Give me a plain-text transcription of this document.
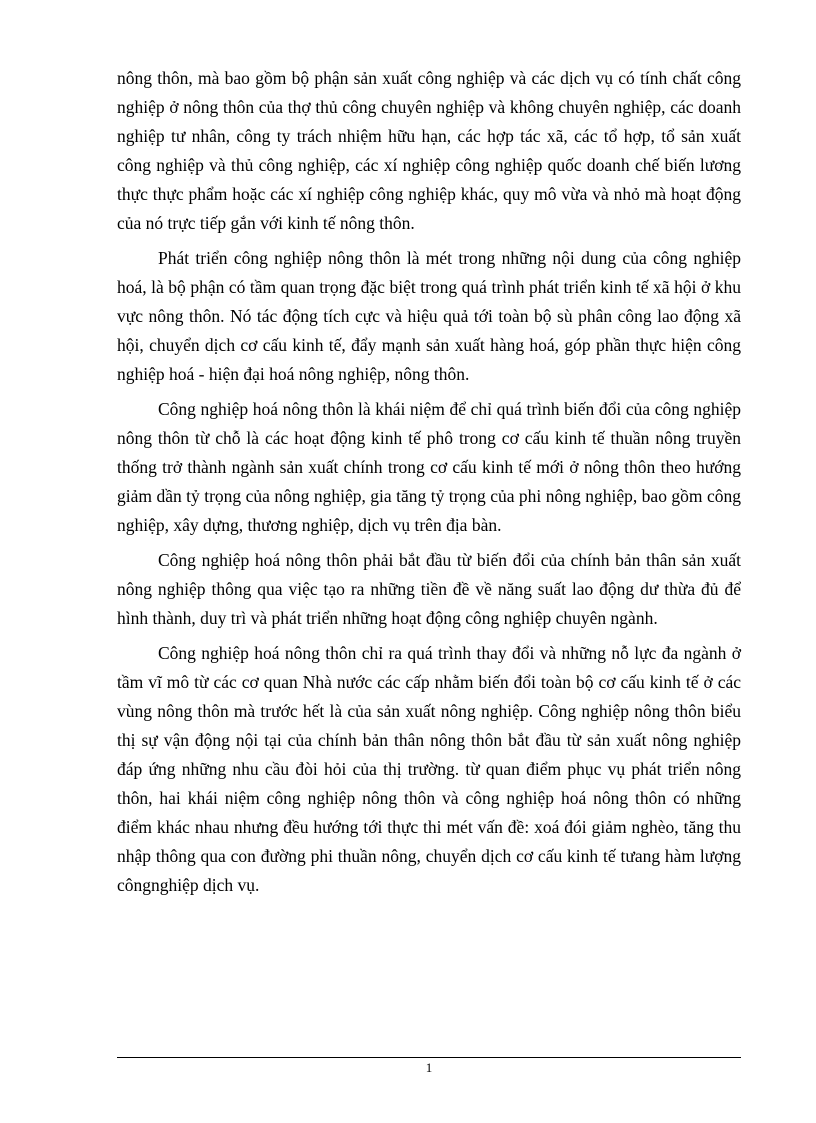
nông thôn, mà bao gồm bộ phận sản xuất công nghiệp và các dịch vụ có tính chất công nghiệp ở nông thôn của thợ thủ công chuyên nghiệp và không chuyên nghiệp, các doanh nghiệp tư nhân, công ty trách nhiệm hữu hạn, các hợp tác xã, các tổ hợp, tổ sản xuất công nghiệp và thủ công nghiệp, các xí nghiệp công nghiệp quốc doanh chế biến lương thực thực phẩm hoặc các xí nghiệp công nghiệp khác, quy mô vừa và nhỏ mà hoạt động của nó trực tiếp gắn với kinh tế nông thôn.

Phát triển công nghiệp nông thôn là mét trong những nội dung của công nghiệp hoá, là bộ phận có tầm quan trọng đặc biệt trong quá trình phát triển kinh tế xã hội ở khu vực nông thôn. Nó tác động tích cực và hiệu quả tới toàn bộ sù phân công lao động xã hội, chuyển dịch cơ cấu kinh tế, đẩy mạnh sản xuất hàng hoá, góp phần thực hiện công nghiệp hoá - hiện đại hoá nông nghiệp, nông thôn.

Công nghiệp hoá nông thôn là khái niệm để chỉ quá trình biến đổi của công nghiệp nông thôn từ chỗ là các hoạt động kinh tế phô trong cơ cấu kinh tế thuần nông truyền thống trở thành ngành sản xuất chính trong cơ cấu kinh tế mới ở nông thôn theo hướng giảm dần tỷ trọng của nông nghiệp, gia tăng tỷ trọng của phi nông nghiệp, bao gồm công nghiệp, xây dựng, thương nghiệp, dịch vụ trên địa bàn.

Công nghiệp hoá nông thôn phải bắt đầu từ biến đổi của chính bản thân sản xuất nông nghiệp thông qua việc tạo ra những tiền đề về năng suất lao động dư thừa đủ để hình thành, duy trì và phát triển những hoạt động công nghiệp chuyên ngành.

Công nghiệp hoá nông thôn chỉ ra quá trình thay đổi và những nỗ lực đa ngành ở tầm vĩ mô từ các cơ quan Nhà nước các cấp nhằm biến đổi toàn bộ cơ cấu kinh tế ở các vùng nông thôn mà trước hết là của sản xuất nông nghiệp. Công nghiệp nông thôn biểu thị sự vận động nội tại của chính bản thân nông thôn bắt đầu từ sản xuất nông nghiệp đáp ứng những nhu cầu đòi hỏi của thị trường. từ quan điểm phục vụ phát triển nông thôn, hai khái niệm công nghiệp nông thôn và công nghiệp hoá nông thôn có những điểm khác nhau nhưng đều hướng tới thực thi mét vấn đề: xoá đói giảm nghèo, tăng thu nhập thông qua con đường phi thuần nông, chuyển dịch cơ cấu kinh tế tưang hàm lượng côngnghiệp dịch vụ.

1
